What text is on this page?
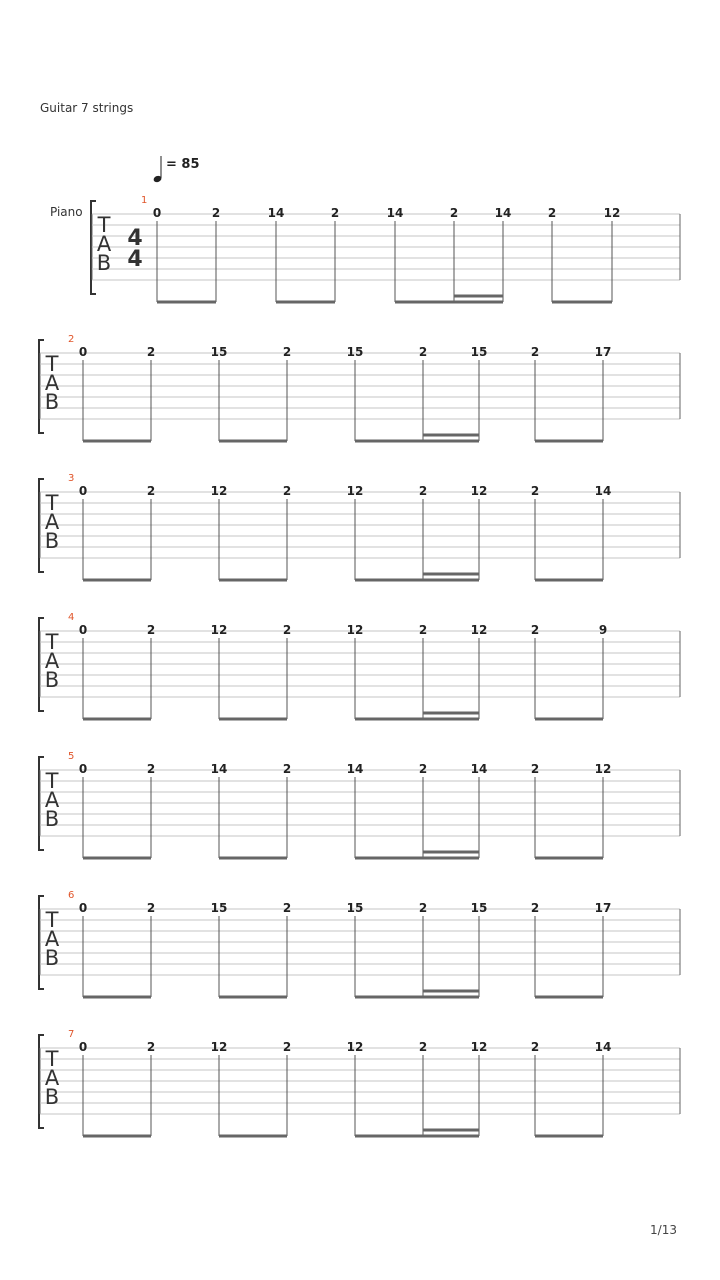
Guitar 7 strings
= 85
Piano
T
A
B
4
4
1
0	2	14	2	14	2	14	2	12
T
A
B
2
0	2	15	2	15	2	15	2	17
T
A
B
3
0	2	12	2	12	2	12	2	14
T
A
B
4
0	2	12	2	12	2	12	2	9
T
A
B
5
0	2	14	2	14	2	14	2	12
T
A
B
6
0	2	15	2	15	2	15	2	17
T
A
B
7
0	2	12	2	12	2	12	2	14
1/13
